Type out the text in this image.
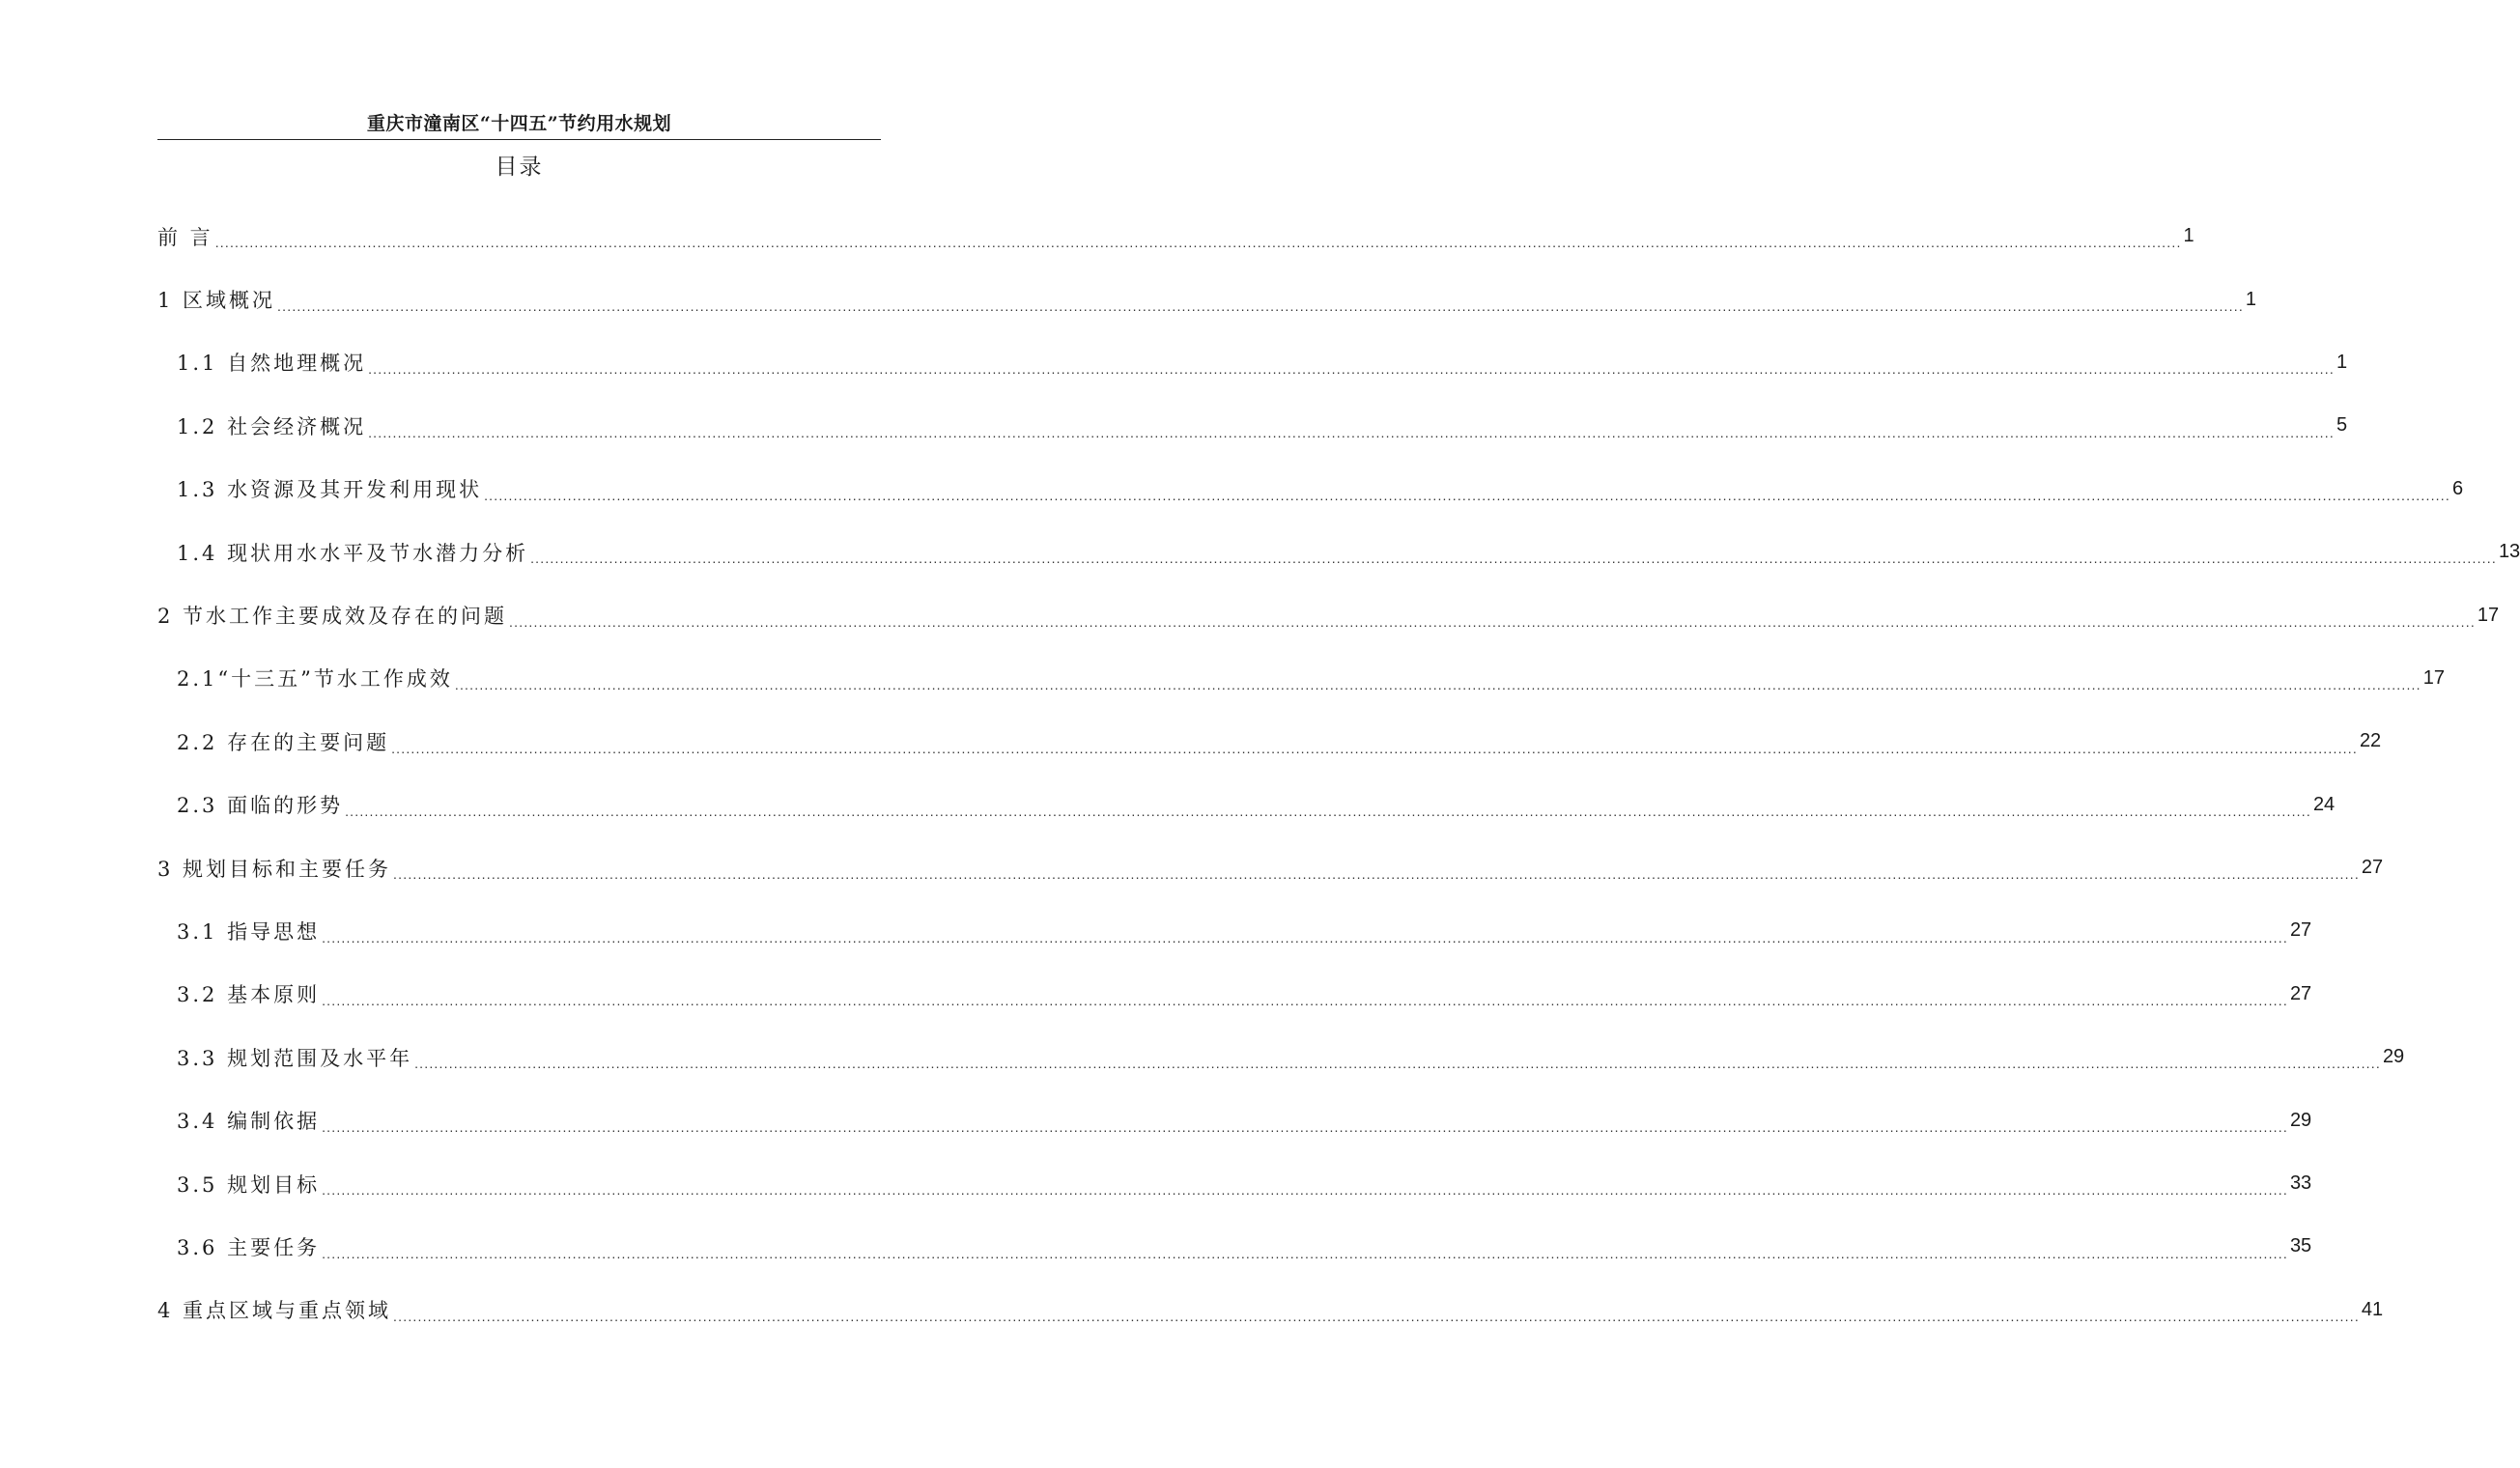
重庆市潼南区“十四五”节约用水规划
目录
前 言 ................................................................................................................................................................................................................................................................................................................................................................................................................ 1
1 区域概况 ................................................................................................................................................................................................................................................................................................................................................................................................................ 1
1.1 自然地理概况 ................................................................................................................................................................................................................................................................................................................................................................................................................ 1
1.2 社会经济概况 ................................................................................................................................................................................................................................................................................................................................................................................................................ 5
1.3 水资源及其开发利用现状 ................................................................................................................................................................................................................................................................................................................................................................................................................ 6
1.4 现状用水水平及节水潜力分析 ................................................................................................................................................................................................................................................................................................................................................................................................................ 13
2 节水工作主要成效及存在的问题 ................................................................................................................................................................................................................................................................................................................................................................................................................ 17
2.1“十三五”节水工作成效 ................................................................................................................................................................................................................................................................................................................................................................................................................ 17
2.2 存在的主要问题 ................................................................................................................................................................................................................................................................................................................................................................................................................ 22
2.3 面临的形势 ................................................................................................................................................................................................................................................................................................................................................................................................................ 24
3 规划目标和主要任务 ................................................................................................................................................................................................................................................................................................................................................................................................................ 27
3.1 指导思想 ................................................................................................................................................................................................................................................................................................................................................................................................................ 27
3.2 基本原则 ................................................................................................................................................................................................................................................................................................................................................................................................................ 27
3.3 规划范围及水平年 ................................................................................................................................................................................................................................................................................................................................................................................................................ 29
3.4 编制依据 ................................................................................................................................................................................................................................................................................................................................................................................................................ 29
3.5 规划目标 ................................................................................................................................................................................................................................................................................................................................................................................................................ 33
3.6 主要任务 ................................................................................................................................................................................................................................................................................................................................................................................................................ 35
4 重点区域与重点领域 ................................................................................................................................................................................................................................................................................................................................................................................................................ 41
